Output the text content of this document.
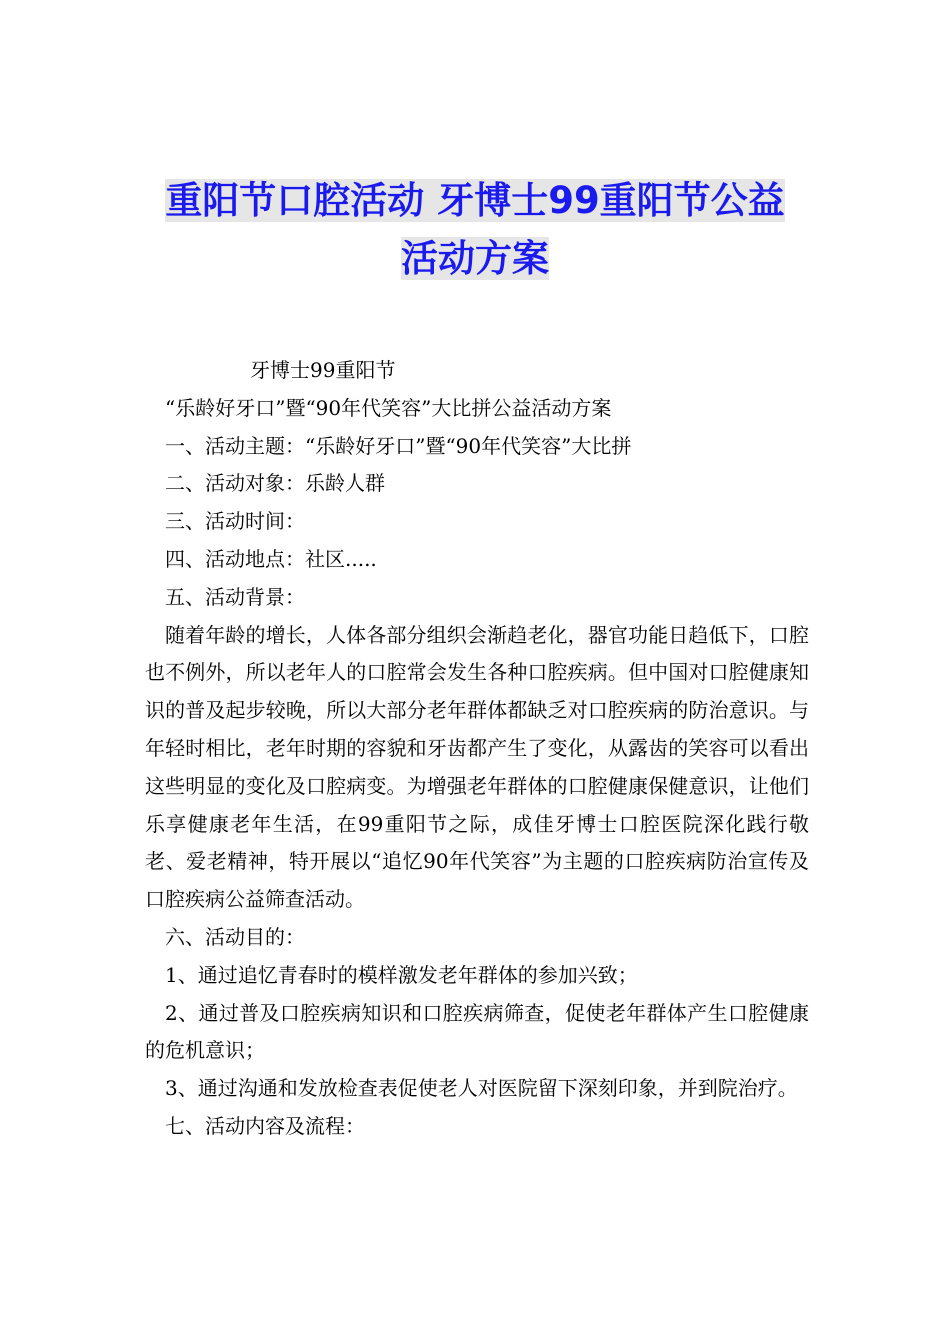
重阳节口腔活动 牙博士99重阳节公益
活动方案

牙博士99重阳节

“乐龄好牙口”暨“90年代笑容”大比拼公益活动方案

一、活动主题：“乐龄好牙口”暨“90年代笑容”大比拼

二、活动对象：乐龄人群

三、活动时间：

四、活动地点：社区.....

五、活动背景：

随着年龄的增长，人体各部分组织会渐趋老化，器官功能日趋低下，口腔也不例外，所以老年人的口腔常会发生各种口腔疾病。但中国对口腔健康知识的普及起步较晚，所以大部分老年群体都缺乏对口腔疾病的防治意识。与年轻时相比，老年时期的容貌和牙齿都产生了变化，从露齿的笑容可以看出这些明显的变化及口腔病变。为增强老年群体的口腔健康保健意识，让他们乐享健康老年生活，在99重阳节之际，成佳牙博士口腔医院深化践行敬老、爱老精神，特开展以“追忆90年代笑容”为主题的口腔疾病防治宣传及口腔疾病公益筛查活动。

六、活动目的：

1、通过追忆青春时的模样激发老年群体的参加兴致；

2、通过普及口腔疾病知识和口腔疾病筛查，促使老年群体产生口腔健康的危机意识；

3、通过沟通和发放检查表促使老人对医院留下深刻印象，并到院治疗。

七、活动内容及流程：
